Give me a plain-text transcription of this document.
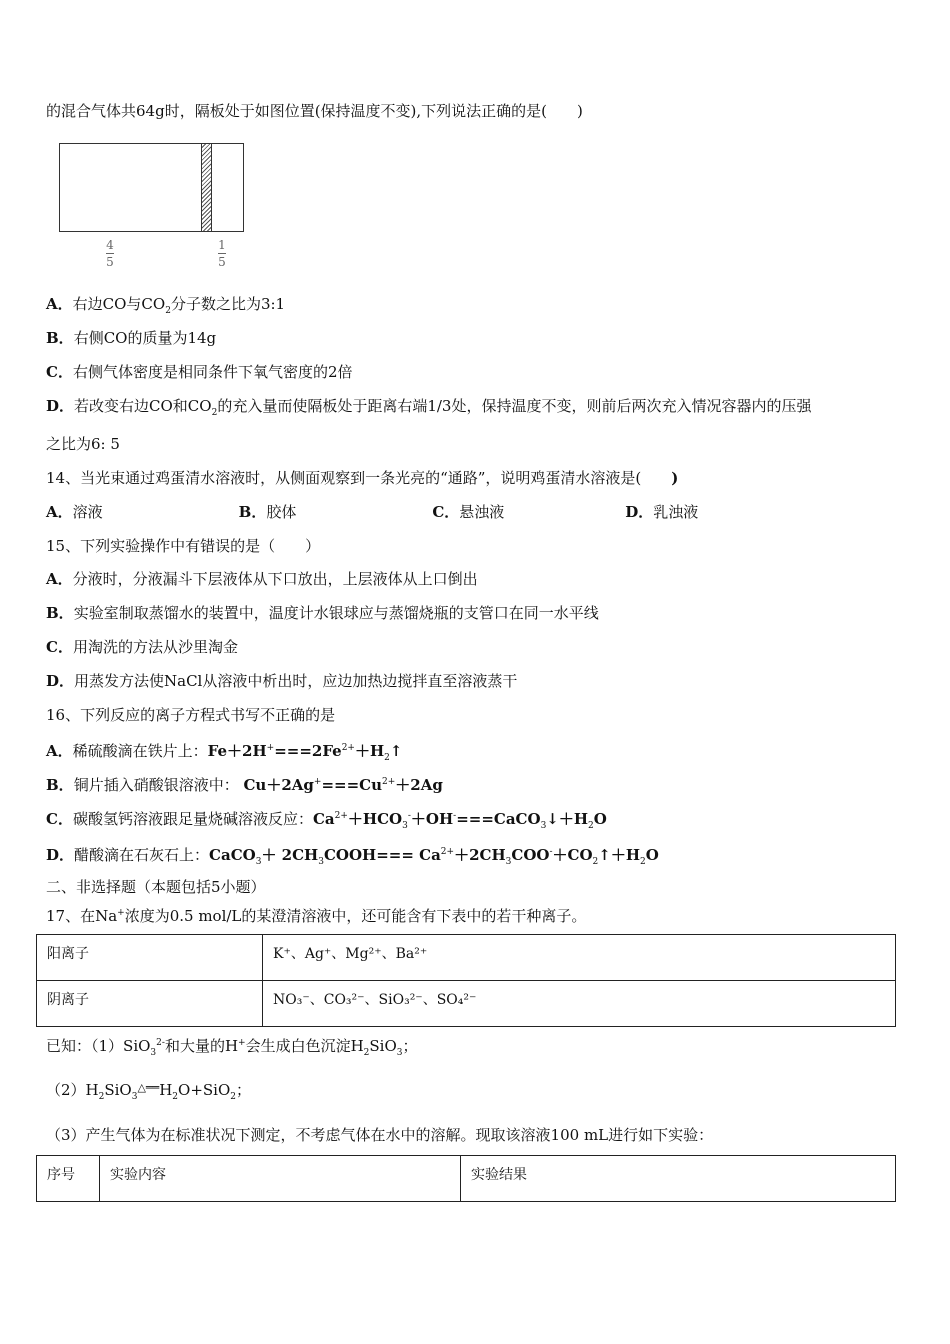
的混合气体共64g时，隔板处于如图位置(保持温度不变),下列说法正确的是(　　)
4
5
1
5
A．右边CO与$CO_2$分子数之比为3:1
B．右侧CO的质量为14g
C．右侧气体密度是相同条件下氧气密度的2倍
D．若改变右边CO和$CO_2$的充入量而使隔板处于距离右端1/3处，保持温度不变，则前后两次充入情况容器内的压强
之比为6: 5
14、当光束通过鸡蛋清水溶液时，从侧面观察到一条光亮的“通路”，说明鸡蛋清水溶液是(　　)
A．溶液	B．胶体	C．悬浊液	D．乳浊液
15、下列实验操作中有错误的是（　　）
A．分液时，分液漏斗下层液体从下口放出，上层液体从上口倒出
B．实验室制取蒸馏水的装置中，温度计水银球应与蒸馏烧瓶的支管口在同一水平线
C．用淘洗的方法从沙里淘金
D．用蒸发方法使NaCl从溶液中析出时，应边加热边搅拌直至溶液蒸干
16、下列反应的离子方程式书写不正确的是
A．稀硫酸滴在铁片上：$Fe+2H^+===2Fe^{2+}+H_2↑$
B．铜片插入硝酸银溶液中： $Cu+2Ag^+===Cu^{2+}+2Ag$
C．碳酸氢钙溶液跟足量烧碱溶液反应：$Ca^{2+}+HCO_3^-+OH^-===CaCO_3↓+H_2O$
D．醋酸滴在石灰石上：CaCO$_3$＋ $2CH_3COOH===$ $Ca^{2+}+2CH_3COO^-+CO_2↑+H_2O$
二、非选择题（本题包括5小题）
17、在Na+浓度为0.5 mol/L的某澄清溶液中，还可能含有下表中的若干种离子。
已知：（1）SiO$_3^{2-}$和大量的H+会生成白色沉淀$H_2SiO_3$；
$(2)H_2SiO_3\triangle══H_2O+SiO_2$；
（3）产生气体为在标准状况下测定，不考虑气体在水中的溶解。现取该溶液100 mL进行如下实验：
阳离子	K⁺、Ag⁺、Mg²⁺、Ba²⁺
阴离子	NO₃⁻、CO₃²⁻、SiO₃²⁻、SO₄²⁻
序号	实验内容	实验结果
